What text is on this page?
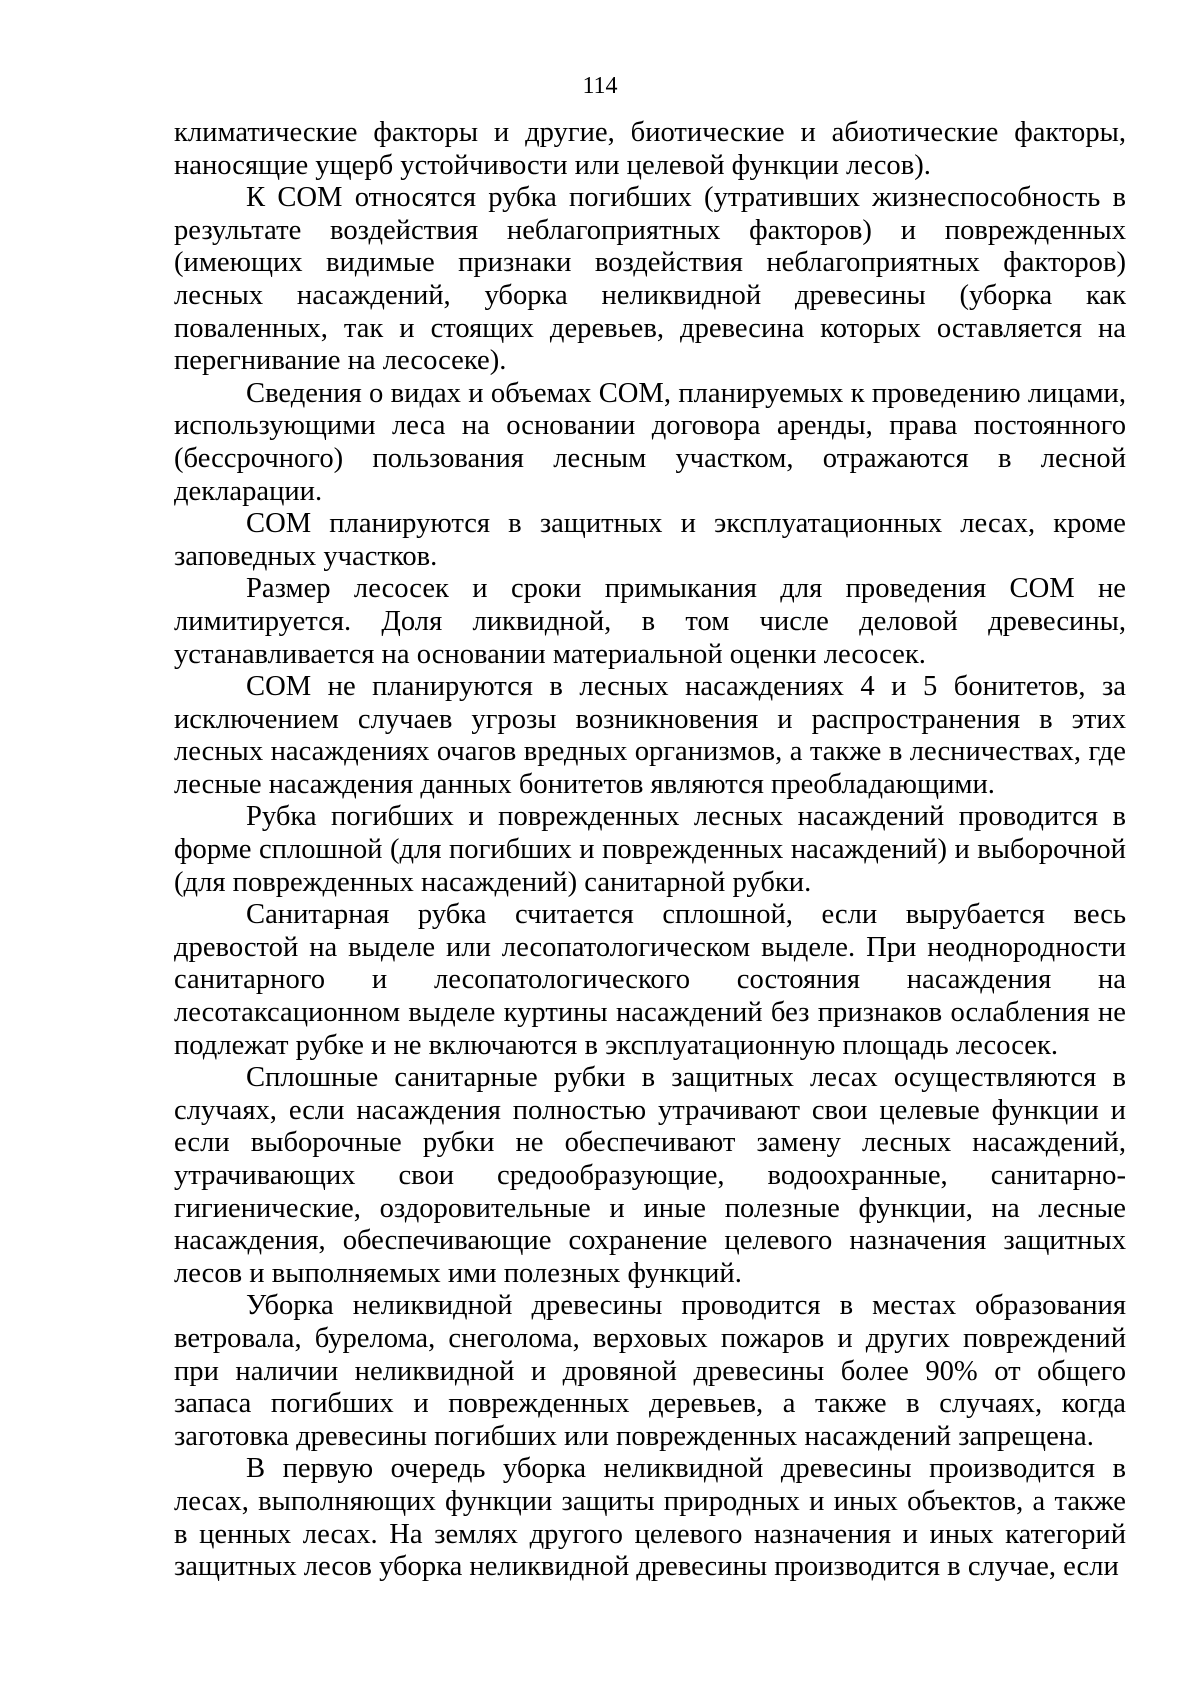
114

климатические факторы и другие, биотические и абиотические факторы, наносящие ущерб устойчивости или целевой функции лесов).

К СОМ относятся рубка погибших (утративших жизнеспособность в результате воздействия неблагоприятных факторов) и поврежденных (имеющих видимые признаки воздействия неблагоприятных факторов) лесных насаждений, уборка неликвидной древесины (уборка как поваленных, так и стоящих деревьев, древесина которых оставляется на перегнивание на лесосеке).

Сведения о видах и объемах СОМ, планируемых к проведению лицами, использующими леса на основании договора аренды, права постоянного (бессрочного) пользования лесным участком, отражаются в лесной декларации.

СОМ планируются в защитных и эксплуатационных лесах, кроме заповедных участков.

Размер лесосек и сроки примыкания для проведения СОМ не лимитируется. Доля ликвидной, в том числе деловой древесины, устанавливается на основании материальной оценки лесосек.

СОМ не планируются в лесных насаждениях 4 и 5 бонитетов, за исключением случаев угрозы возникновения и распространения в этих лесных насаждениях очагов вредных организмов, а также в лесничествах, где лесные насаждения данных бонитетов являются преобладающими.

Рубка погибших и поврежденных лесных насаждений проводится в форме сплошной (для погибших и поврежденных насаждений) и выборочной (для поврежденных насаждений) санитарной рубки.

Санитарная рубка считается сплошной, если вырубается весь древостой на выделе или лесопатологическом выделе. При неоднородности санитарного и лесопатологического состояния насаждения на лесотаксационном выделе куртины насаждений без признаков ослабления не подлежат рубке и не включаются в эксплуатационную площадь лесосек.

Сплошные санитарные рубки в защитных лесах осуществляются в случаях, если насаждения полностью утрачивают свои целевые функции и если выборочные рубки не обеспечивают замену лесных насаждений, утрачивающих свои средообразующие, водоохранные, санитарно-гигиенические, оздоровительные и иные полезные функции, на лесные насаждения, обеспечивающие сохранение целевого назначения защитных лесов и выполняемых ими полезных функций.

Уборка неликвидной древесины проводится в местах образования ветровала, бурелома, снеголома, верховых пожаров и других повреждений при наличии неликвидной и дровяной древесины более 90% от общего запаса погибших и поврежденных деревьев, а также в случаях, когда заготовка древесины погибших или поврежденных насаждений запрещена.

В первую очередь уборка неликвидной древесины производится в лесах, выполняющих функции защиты природных и иных объектов, а также в ценных лесах. На землях другого целевого назначения и иных категорий защитных лесов уборка неликвидной древесины производится в случае, если
